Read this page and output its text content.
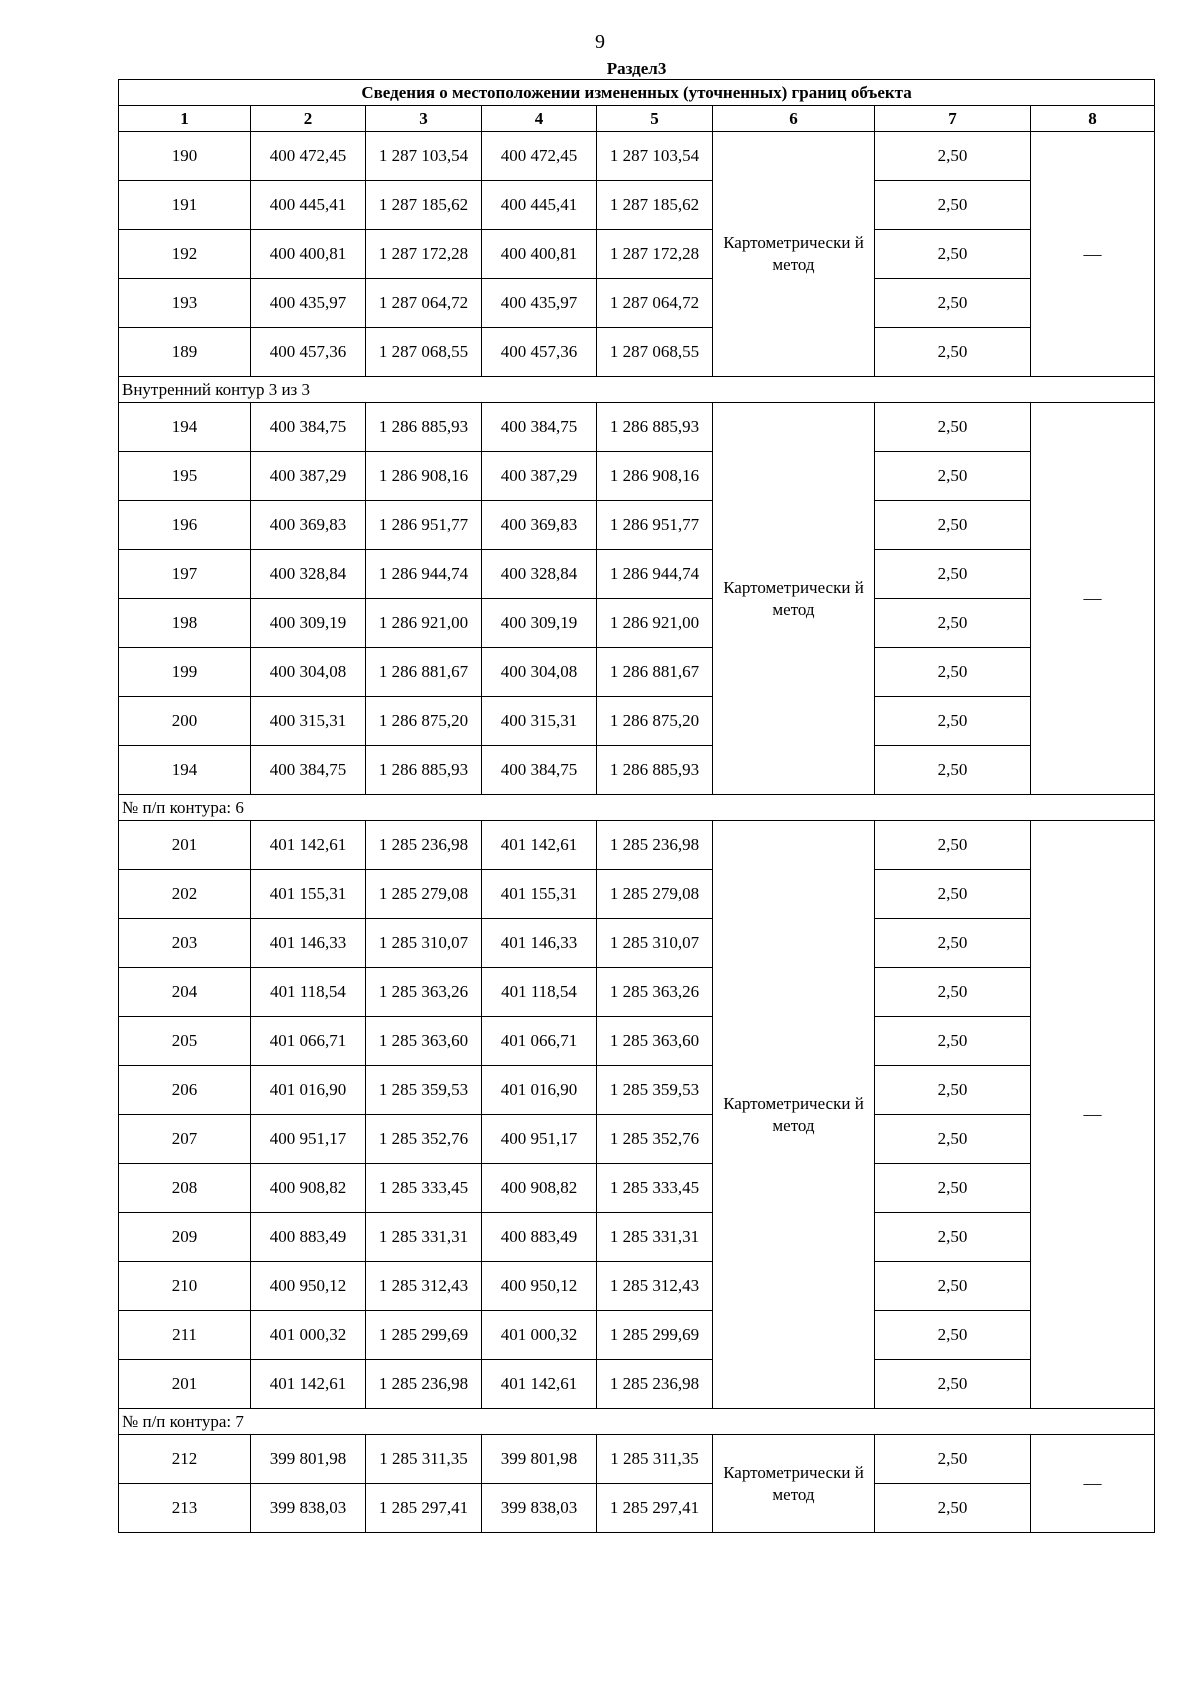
9
Раздел3							
Сведения о местоположении измененных (уточненных) границ объекта							
1	2	3	4	5	6	7	8
190	400 472,45	1 287 103,54	400 472,45	1 287 103,54	Картометрически й метод	2,50	—
191	400 445,41	1 287 185,62	400 445,41	1 287 185,62		2,50	
192	400 400,81	1 287 172,28	400 400,81	1 287 172,28		2,50	
193	400 435,97	1 287 064,72	400 435,97	1 287 064,72		2,50	
189	400 457,36	1 287 068,55	400 457,36	1 287 068,55		2,50	
Внутренний контур 3 из 3							
194	400 384,75	1 286 885,93	400 384,75	1 286 885,93	Картометрически й метод	2,50	—
195	400 387,29	1 286 908,16	400 387,29	1 286 908,16		2,50	
196	400 369,83	1 286 951,77	400 369,83	1 286 951,77		2,50	
197	400 328,84	1 286 944,74	400 328,84	1 286 944,74		2,50	
198	400 309,19	1 286 921,00	400 309,19	1 286 921,00		2,50	
199	400 304,08	1 286 881,67	400 304,08	1 286 881,67		2,50	
200	400 315,31	1 286 875,20	400 315,31	1 286 875,20		2,50	
194	400 384,75	1 286 885,93	400 384,75	1 286 885,93		2,50	
№ п/п контура: 6							
201	401 142,61	1 285 236,98	401 142,61	1 285 236,98	Картометрически й метод	2,50	—
202	401 155,31	1 285 279,08	401 155,31	1 285 279,08		2,50	
203	401 146,33	1 285 310,07	401 146,33	1 285 310,07		2,50	
204	401 118,54	1 285 363,26	401 118,54	1 285 363,26		2,50	
205	401 066,71	1 285 363,60	401 066,71	1 285 363,60		2,50	
206	401 016,90	1 285 359,53	401 016,90	1 285 359,53		2,50	
207	400 951,17	1 285 352,76	400 951,17	1 285 352,76		2,50	
208	400 908,82	1 285 333,45	400 908,82	1 285 333,45		2,50	
209	400 883,49	1 285 331,31	400 883,49	1 285 331,31		2,50	
210	400 950,12	1 285 312,43	400 950,12	1 285 312,43		2,50	
211	401 000,32	1 285 299,69	401 000,32	1 285 299,69		2,50	
201	401 142,61	1 285 236,98	401 142,61	1 285 236,98		2,50	
№ п/п контура: 7							
212	399 801,98	1 285 311,35	399 801,98	1 285 311,35	Картометрически й метод	2,50	—
213	399 838,03	1 285 297,41	399 838,03	1 285 297,41		2,50	
